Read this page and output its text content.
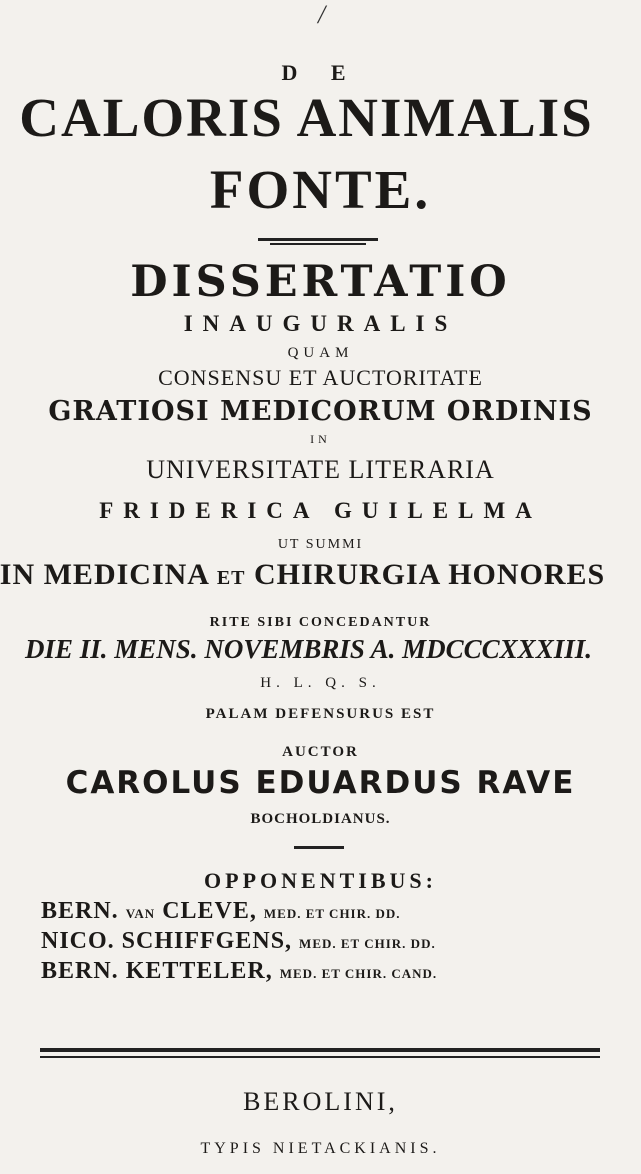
/
D E
CALORIS ANIMALIS
FONTE.
DISSERTATIO
INAUGURALIS
QUAM
CONSENSU ET AUCTORITATE
GRATIOSI MEDICORUM ORDINIS
IN
UNIVERSITATE LITERARIA
FRIDERICA GUILELMA
UT SUMMI
IN MEDICINA ET CHIRURGIA HONORES
RITE SIBI CONCEDANTUR
DIE II. MENS. NOVEMBRIS A. MDCCCXXXIII.
H. L. Q. S.
PALAM DEFENSURUS EST
AUCTOR
CAROLUS EDUARDUS RAVE
BOCHOLDIANUS.
OPPONENTIBUS:
BERN. VAN CLEVE, MED. ET CHIR. DD.
NICO. SCHIFFGENS, MED. ET CHIR. DD.
BERN. KETTELER, MED. ET CHIR. CAND.
BEROLINI,
TYPIS NIETACKIANIS.
